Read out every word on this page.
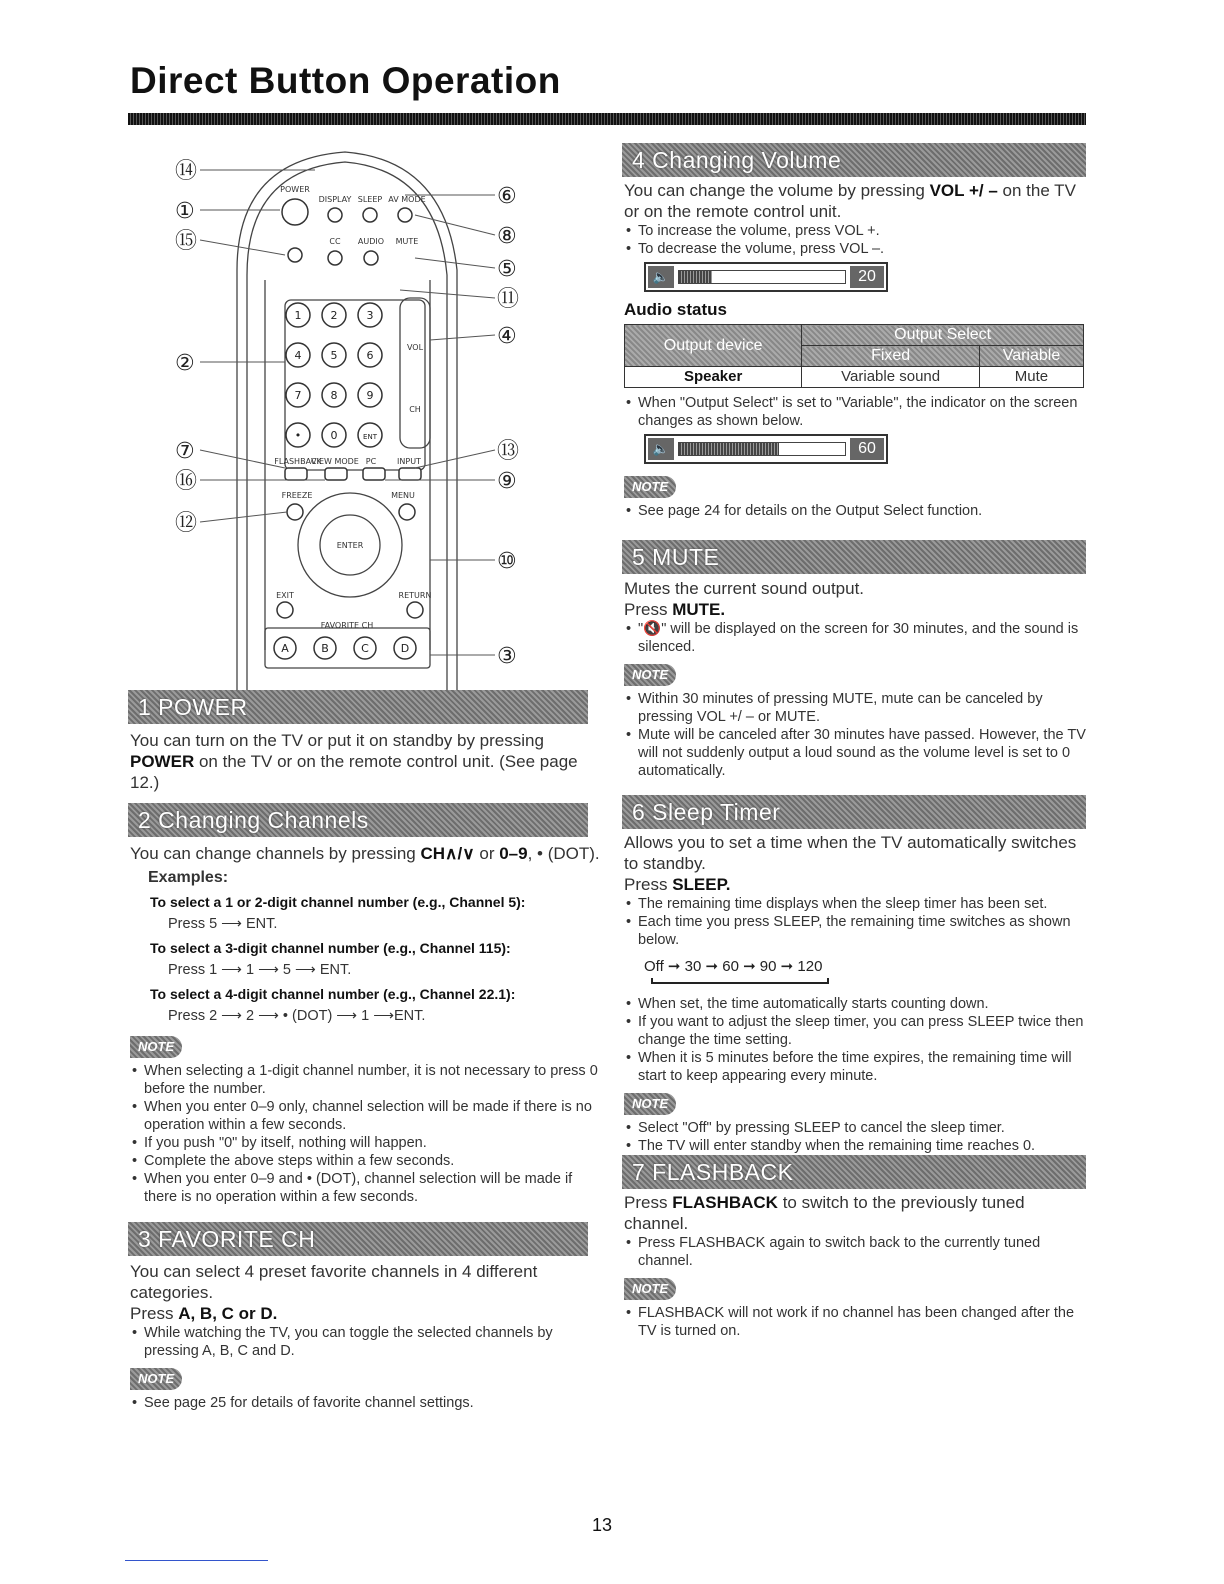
Direct Button Operation
POWER
DISPLAY SLEEP AV MODE
CC AUDIO MUTE
FLASHBACK
VIEW MODE PC	INPUT
FREEZE	MENU
EXIT	RETURN
ENTER
FAVORITE CH
VOL
CH
1	2	3
4	5	6
7	8	9
•	0	ENT
A	B	C	D
⑭
①
⑮
②
⑦
⑯
⑫
⑥
⑧
⑤
⑪
④
⑬
⑨
⑩
③
1 POWER

You can turn on the TV or put it on standby by pressing POWER on the TV or on the remote control unit. (See page 12.)

2 Changing Channels

You can change channels by pressing CH∧/∨ or 0–9, • (DOT).

Examples:
To select a 1 or 2-digit channel number (e.g., Channel 5):
Press 5 ⟶ ENT.
To select a 3-digit channel number (e.g., Channel 115):
Press 1 ⟶ 1 ⟶ 5 ⟶ ENT.
To select a 4-digit channel number (e.g., Channel 22.1):
Press 2 ⟶ 2 ⟶ • (DOT) ⟶ 1 ⟶ENT.
NOTE
• When selecting a 1-digit channel number, it is not necessary to press 0 before the number.
• When you enter 0–9 only, channel selection will be made if there is no operation within a few seconds.
• If you push "0" by itself, nothing will happen.
• Complete the above steps within a few seconds.
• When you enter 0–9 and • (DOT), channel selection will be made if there is no operation within a few seconds.
3 FAVORITE CH

You can select 4 preset favorite channels in 4 different categories.

Press A, B, C or D.

• While watching the TV, you can toggle the selected channels by pressing A, B, C and D.
NOTE
• See page 25 for details of favorite channel settings.
4 Changing Volume

You can change the volume by pressing VOL +/ – on the TV or on the remote control unit.

• To increase the volume, press VOL +.
• To decrease the volume, press VOL –.
🔈	20
Audio status
Output device	Output Select	
	Fixed	Variable
Speaker	Variable sound	Mute
• When "Output Select" is set to "Variable", the indicator on the screen changes as shown below.
🔈	60
NOTE
• See page 24 for details on the Output Select function.
5 MUTE

Mutes the current sound output.

Press MUTE.

• "🔇" will be displayed on the screen for 30 minutes, and the sound is silenced.
NOTE
• Within 30 minutes of pressing MUTE, mute can be canceled by pressing VOL +/ – or MUTE.
• Mute will be canceled after 30 minutes have passed. However, the TV will not suddenly output a loud sound as the volume level is set to 0 automatically.
6 Sleep Timer

Allows you to set a time when the TV automatically switches to standby.

Press SLEEP.

• The remaining time displays when the sleep timer has been set.
• Each time you press SLEEP, the remaining time switches as shown below.
Off ➞ 30 ➞ 60 ➞ 90 ➞ 120
• When set, the time automatically starts counting down.
• If you want to adjust the sleep timer, you can press SLEEP twice then change the time setting.
• When it is 5 minutes before the time expires, the remaining time will start to keep appearing every minute.
NOTE
• Select "Off" by pressing SLEEP to cancel the sleep timer.
• The TV will enter standby when the remaining time reaches 0.
7 FLASHBACK

Press FLASHBACK to switch to the previously tuned channel.

• Press FLASHBACK again to switch back to the currently tuned channel.
NOTE
• FLASHBACK will not work if no channel has been changed after the TV is turned on.
13
